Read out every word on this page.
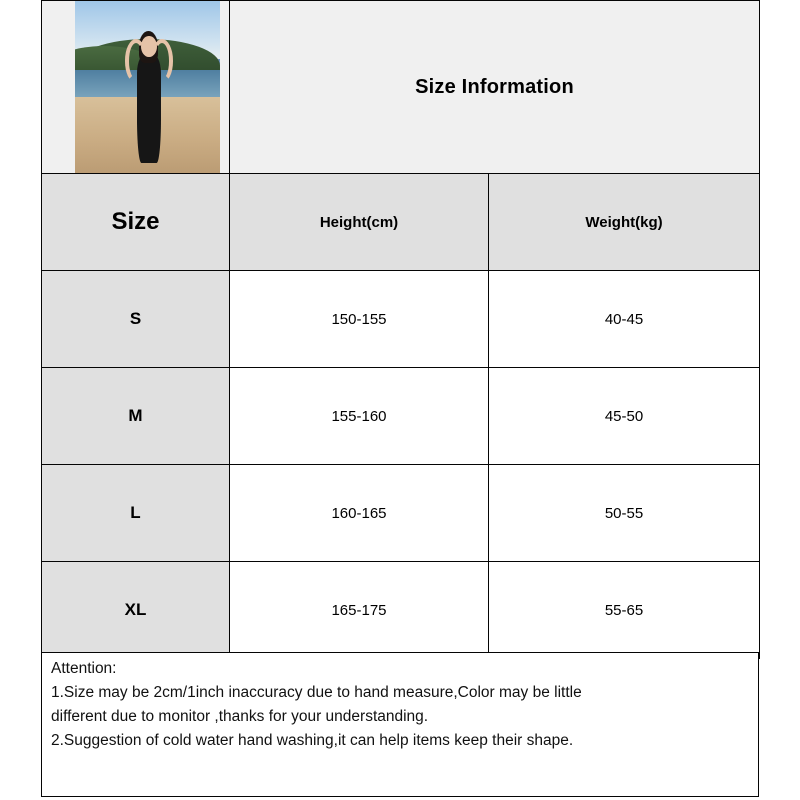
	Size Information	
Size	Height(cm)	Weight(kg)
S	150-155	40-45
M	155-160	45-50
L	160-165	50-55
XL	165-175	55-65

Attention:

1.Size may be 2cm/1inch inaccuracy due to hand measure,Color may be little

different due to monitor ,thanks for your understanding.

2.Suggestion of cold water hand washing,it can help items keep their shape.
